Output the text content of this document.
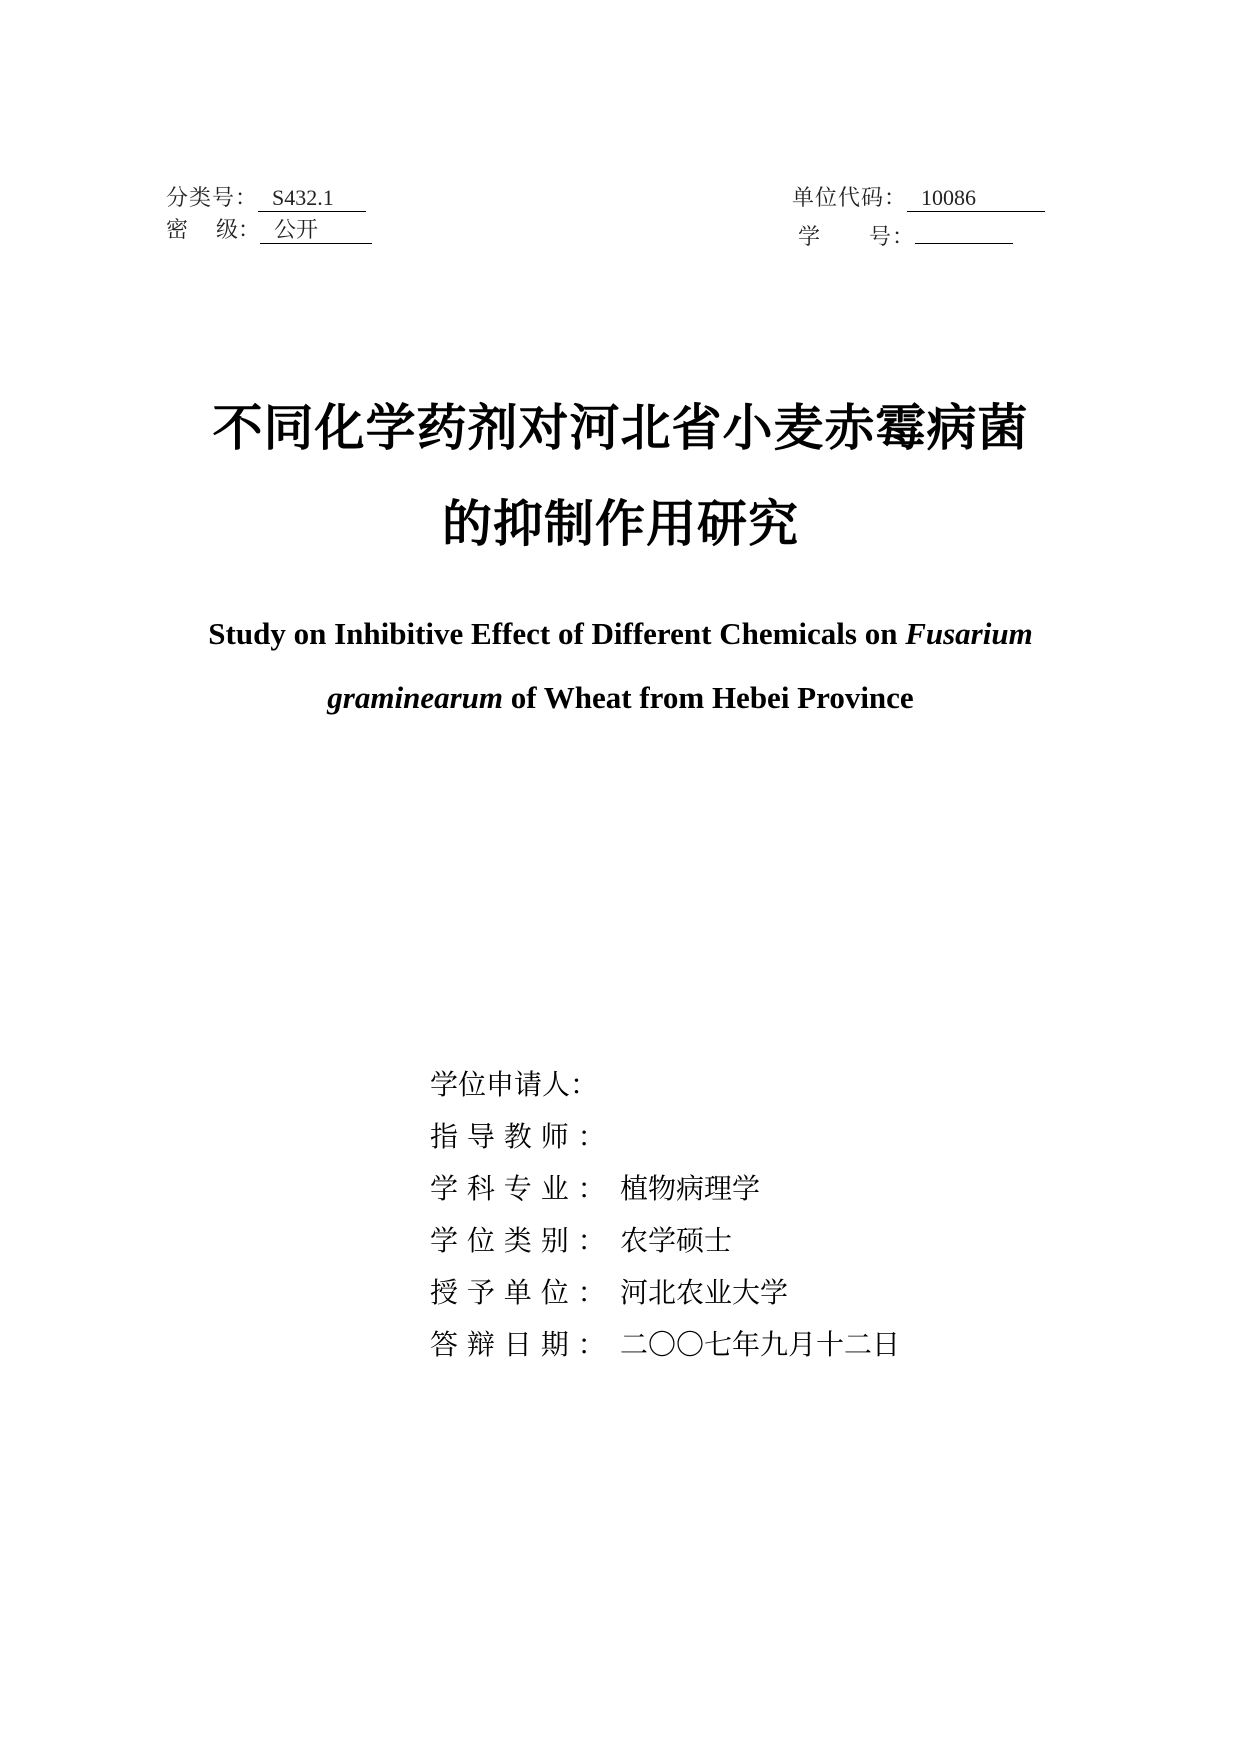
分类号： S432.1
密    级： 公开
单位代码： 10086
学      号：
不同化学药剂对河北省小麦赤霉病菌
的抑制作用研究
Study on Inhibitive Effect of Different Chemicals on Fusarium
graminearum of Wheat from Hebei Province
学位申请人：
指 导 教 师 ：
学 科 专 业 ： 植物病理学
学 位 类 别 ： 农学硕士
授 予 单 位 ： 河北农业大学
答 辩 日 期 ： 二〇〇七年九月十二日
